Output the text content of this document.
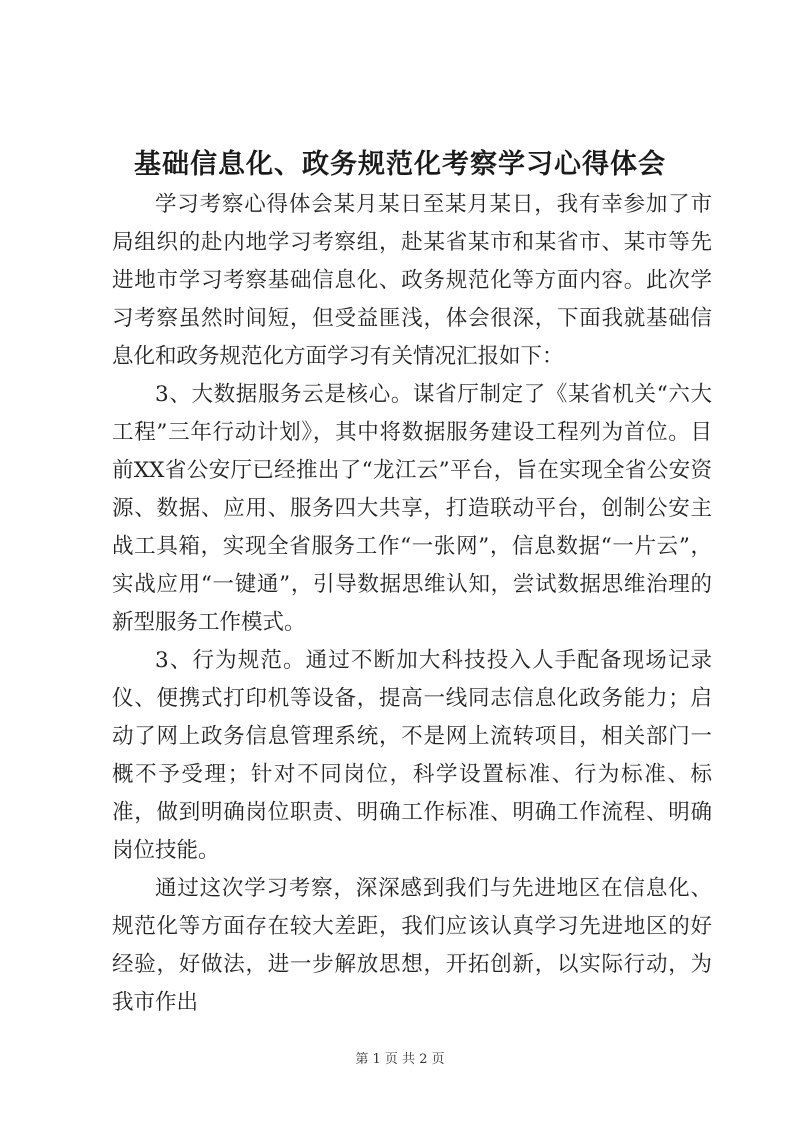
基础信息化、政务规范化考察学习心得体会

学习考察心得体会某月某日至某月某日，我有幸参加了市局组织的赴内地学习考察组，赴某省某市和某省市、某市等先进地市学习考察基础信息化、政务规范化等方面内容。此次学习考察虽然时间短，但受益匪浅，体会很深，下面我就基础信息化和政务规范化方面学习有关情况汇报如下：

3、大数据服务云是核心。谋省厅制定了《某省机关“六大工程”三年行动计划》，其中将数据服务建设工程列为首位。目前XX省公安厅已经推出了“龙江云”平台，旨在实现全省公安资源、数据、应用、服务四大共享，打造联动平台，创制公安主战工具箱，实现全省服务工作“一张网”，信息数据“一片云”，实战应用“一键通”，引导数据思维认知，尝试数据思维治理的新型服务工作模式。

3、行为规范。通过不断加大科技投入人手配备现场记录仪、便携式打印机等设备，提高一线同志信息化政务能力；启动了网上政务信息管理系统，不是网上流转项目，相关部门一概不予受理；针对不同岗位，科学设置标准、行为标准、标准，做到明确岗位职责、明确工作标准、明确工作流程、明确岗位技能。

通过这次学习考察，深深感到我们与先进地区在信息化、规范化等方面存在较大差距，我们应该认真学习先进地区的好经验，好做法，进一步解放思想，开拓创新，以实际行动，为我市作出

第 1 页 共 2 页
